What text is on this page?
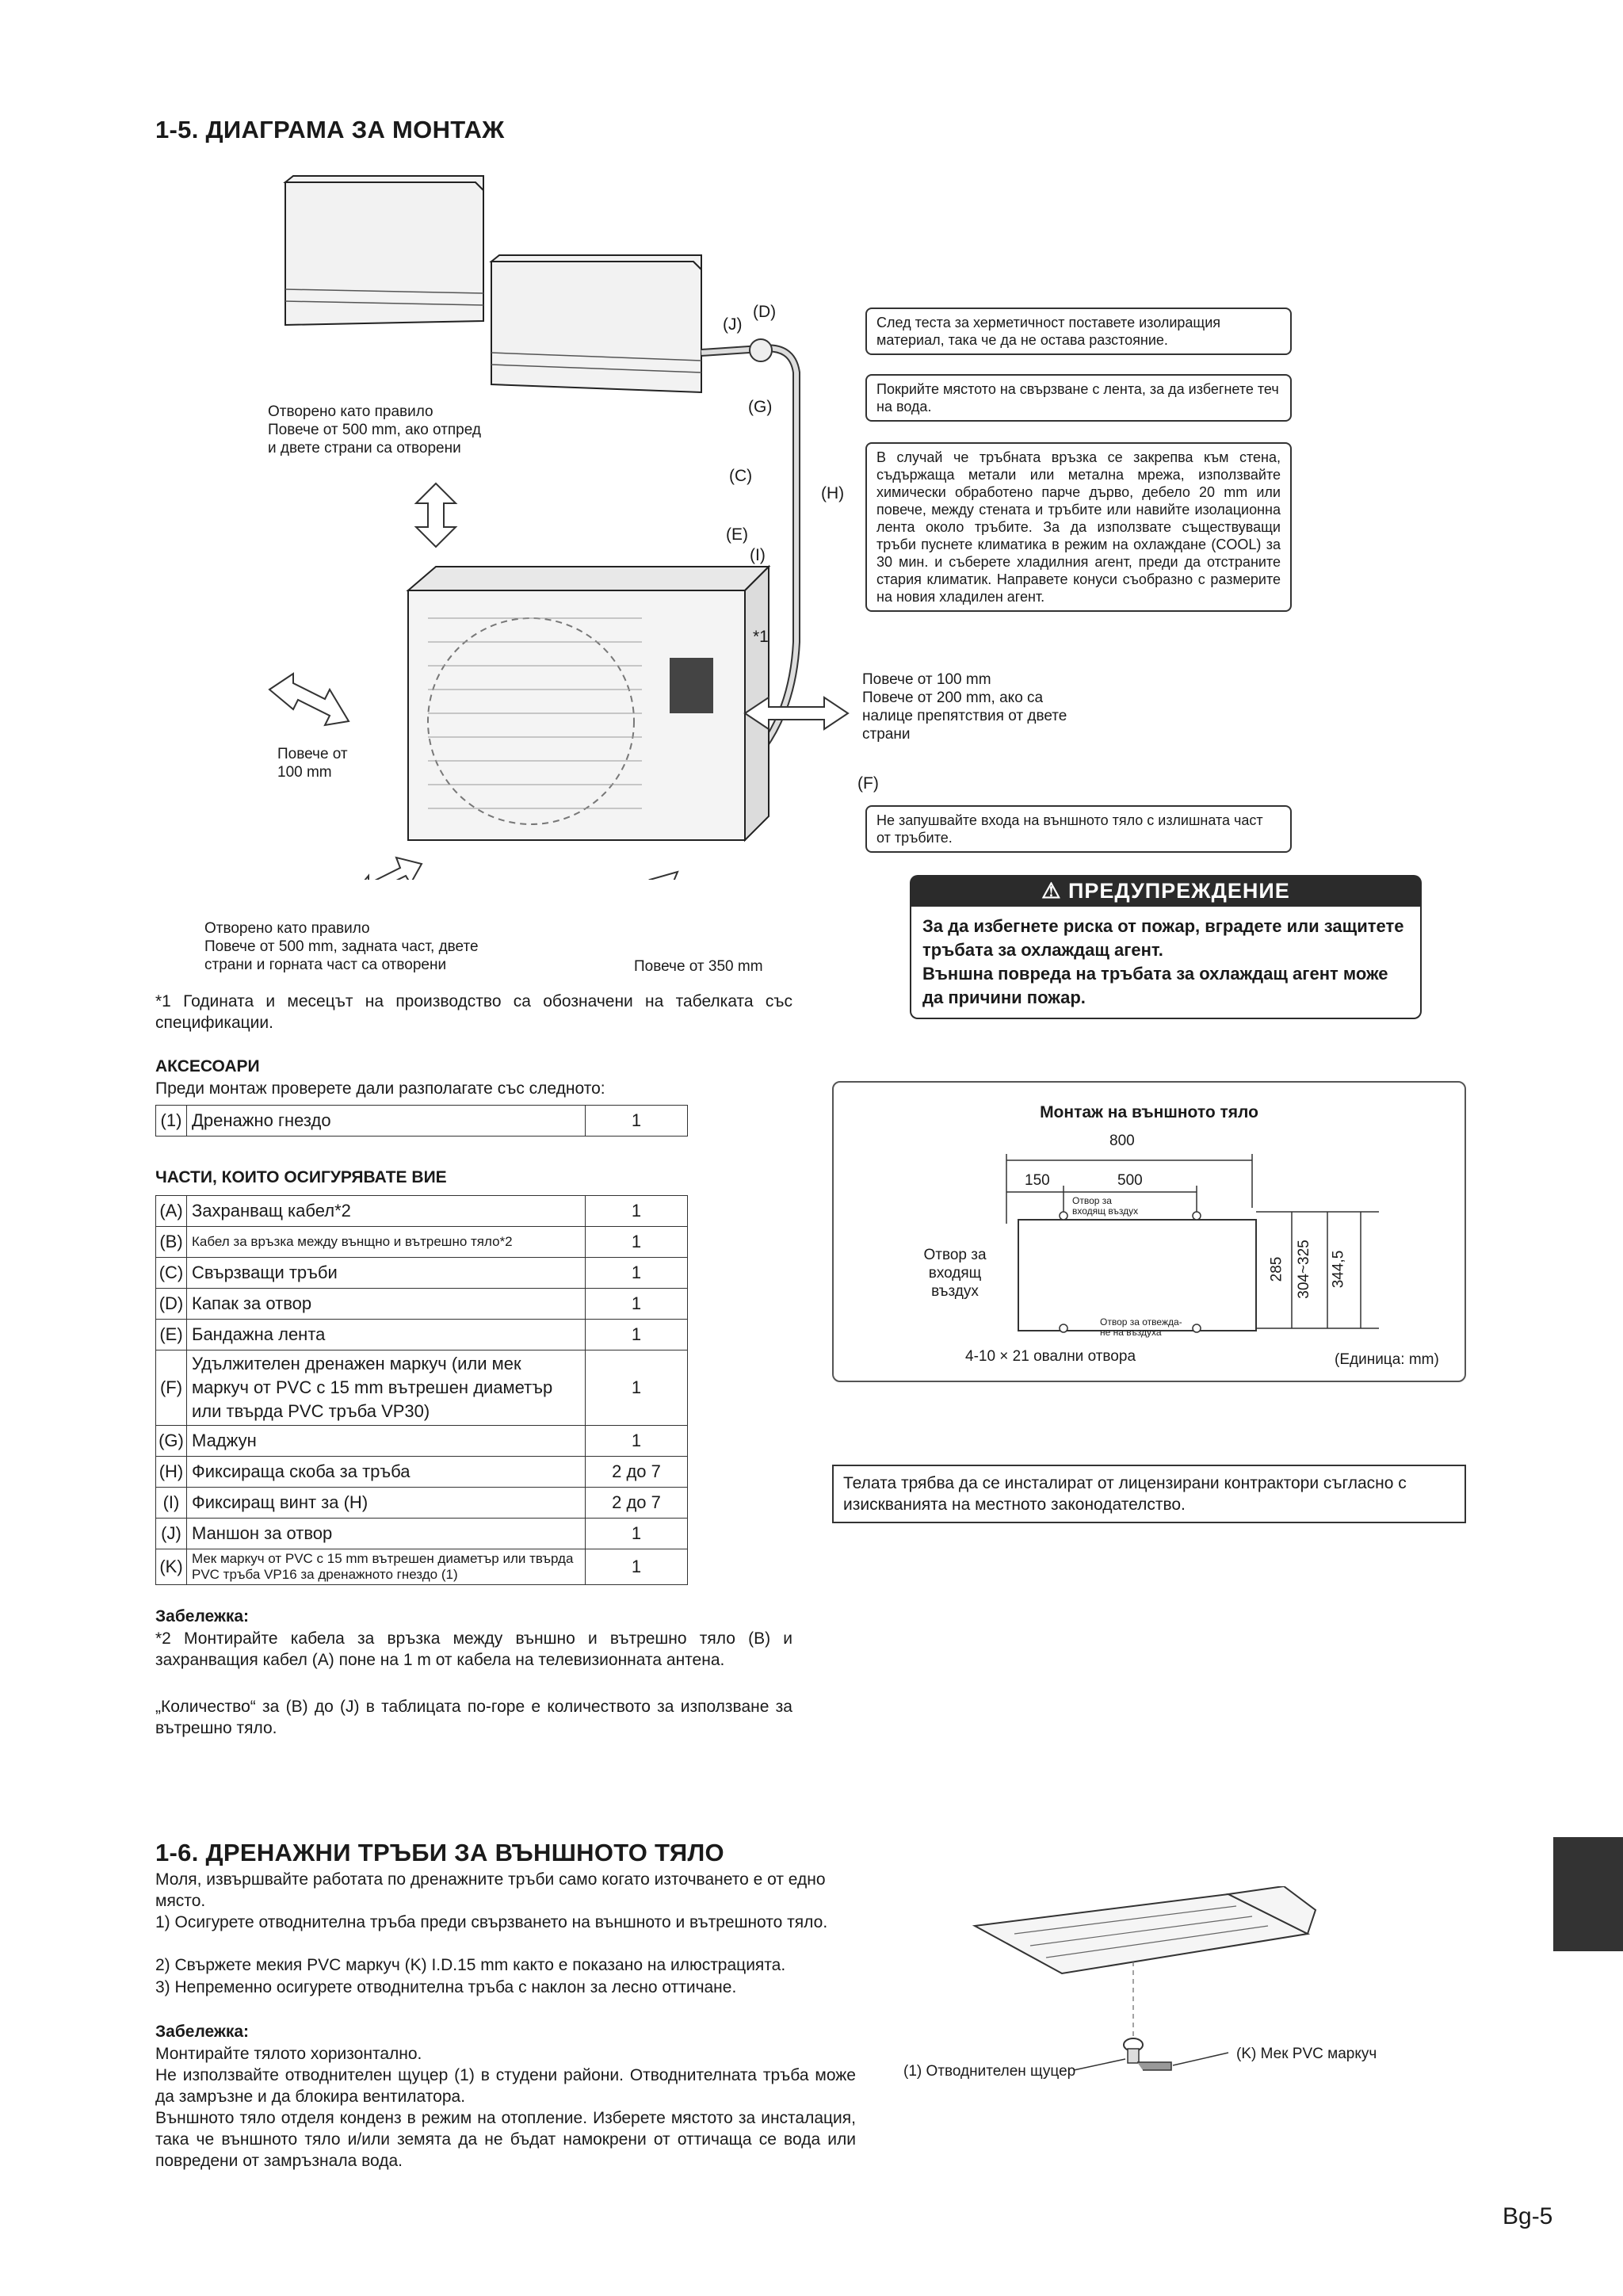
1-5. ДИАГРАМА ЗА МОНТАЖ
(D)
(J)
(G)
(C)
(H)
(E)
(I)
(F)
*1
Отворено като правило
Повече от 500 mm, ако отпред
и двете страни са отворени
Повече от
100 mm
Отворено като правило
Повече от 500 mm, задната част, двете
страни и горната част са отворени	Повече от 350 mm
Повече от 100 mm
Повече от 200 mm, ако са
налице препятствия от двете
страни
След теста за херметичност поставете изолиращия материал, така че да не остава разстояние.
Покрийте мястото на свързване с лента, за да избегнете теч на вода.
В случай че тръбната връзка се закрепва към стена, съдържаща метали или метална мрежа, използвайте химически обработено парче дърво, дебело 20 mm или повече, между стената и тръбите или навийте изолационна лента около тръбите. За да използвате съществуващи тръби пуснете климатика в режим на охлаждане (COOL) за 30 мин. и съберете хладилния агент, преди да отстраните стария климатик. Направете конуси съобразно с размерите на новия хладилен агент.
Не запушвайте входа на външното тяло с излишната част от тръбите.
⚠ ПРЕДУПРЕЖДЕНИЕ
За да избегнете риска от пожар, вградете или защитете тръбата за охлаждащ агент.
Външна повреда на тръбата за охлаждащ агент може да причини пожар.
*1 Годината и месецът на производство са обозначени на табелката със спецификации.
АКСЕСОАРИ
Преди монтаж проверете дали разполагате със следното:
(1)	Дренажно гнездо	1
ЧАСТИ, КОИТО ОСИГУРЯВАТЕ ВИЕ
(A)	Захранващ кабел*2	1
(B)	Кабел за връзка между вънщно и вътрешно тяло*2	1
(C)	Свързващи тръби	1
(D)	Капак за отвор	1
(E)	Бандажна лента	1
(F)	Удължителен дренажен маркуч (или мек маркуч от PVC с 15 mm вътрешен диаметър или твърда PVC тръба VP30)	1
(G)	Маджун	1
(H)	Фиксираща скоба за тръба	2 до 7
(I)	Фиксиращ винт за (H)	2 до 7
(J)	Маншон за отвор	1
(K)	Мек маркуч от PVC с 15 mm вътрешен диаметър или твърда PVC тръба VP16 за дренажното гнездо (1)	1
Забележка:
*2 Монтирайте кабела за връзка между външно и вътрешно тяло (B) и захранващия кабел (A) поне на 1 m от кабела на телевизионната антена.
„Количество“ за (B) до (J) в таблицата по-горе е количеството за използване за вътрешно тяло.
Монтаж на външното тяло
800
150	500
Отвор за
входящ въздух
Отвор за
входящ
въздух
Отвор за отвежда-
не на въздуха
285 304~325 344,5
4-10 × 21 овални отвора	(Единица: mm)
Телата трябва да се инсталират от лицензирани контрактори съгласно с изискванията на местното законодателство.
1-6. ДРЕНАЖНИ ТРЪБИ ЗА ВЪНШНОТО ТЯЛО
Моля, извършвайте работата по дренажните тръби само когато източването е от едно място.
1) Осигурете отводнителна тръба преди свързването на външното и вътрешното тяло.
2) Свържете мекия PVC маркуч (K) I.D.15 mm както е показано на илюстрацията.
3) Непременно осигурете отводнителна тръба с наклон за лесно оттичане.
Забележка:
Монтирайте тялото хоризонтално.
Не използвайте отводнителен щуцер (1) в студени райони. Отводнителната тръба може да замръзне и да блокира вентилатора.
Външното тяло отделя конденз в режим на отопление. Изберете мястото за инсталация, така че външното тяло и/или земята да не бъдат намокрени от оттичаща се вода или повредени от замръзнала вода.
(1) Отводнителен щуцер
(K) Мек PVC маркуч
Bg-5
